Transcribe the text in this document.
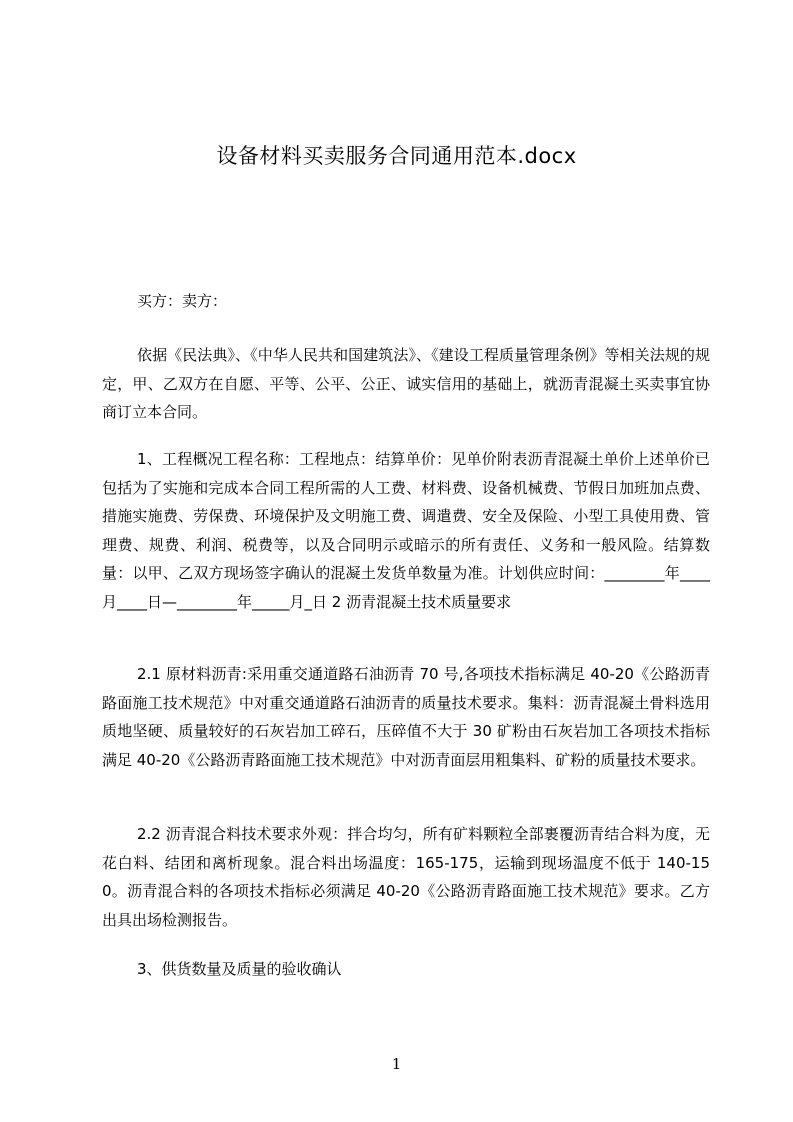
设备材料买卖服务合同通用范本.docx
买方：卖方：
依据《民法典》、《中华人民共和国建筑法》、《建设工程质量管理条例》等相关法规的规定，甲、乙双方在自愿、平等、公平、公正、诚实信用的基础上，就沥青混凝土买卖事宜协商订立本合同。
1、工程概况工程名称：工程地点：结算单价：见单价附表沥青混凝土单价上述单价已包括为了实施和完成本合同工程所需的人工费、材料费、设备机械费、节假日加班加点费、措施实施费、劳保费、环境保护及文明施工费、调遣费、安全及保险、小型工具使用费、管理费、规费、利润、税费等，以及合同明示或暗示的所有责任、义务和一般风险。结算数量：以甲、乙双方现场签字确认的混凝土发货单数量为准。计划供应时间：________年____月____日—________年_____月_日 2 沥青混凝土技术质量要求
2.1 原材料沥青:采用重交通道路石油沥青 70 号,各项技术指标满足 40-20《公路沥青路面施工技术规范》中对重交通道路石油沥青的质量技术要求。集料：沥青混凝土骨料选用质地坚硬、质量较好的石灰岩加工碎石，压碎值不大于 30 矿粉由石灰岩加工各项技术指标满足 40-20《公路沥青路面施工技术规范》中对沥青面层用粗集料、矿粉的质量技术要求。
2.2 沥青混合料技术要求外观：拌合均匀，所有矿料颗粒全部裹覆沥青结合料为度，无花白料、结团和离析现象。混合料出场温度：165-175，运输到现场温度不低于 140-150。沥青混合料的各项技术指标必须满足 40-20《公路沥青路面施工技术规范》要求。乙方出具出场检测报告。
3、供货数量及质量的验收确认
1
